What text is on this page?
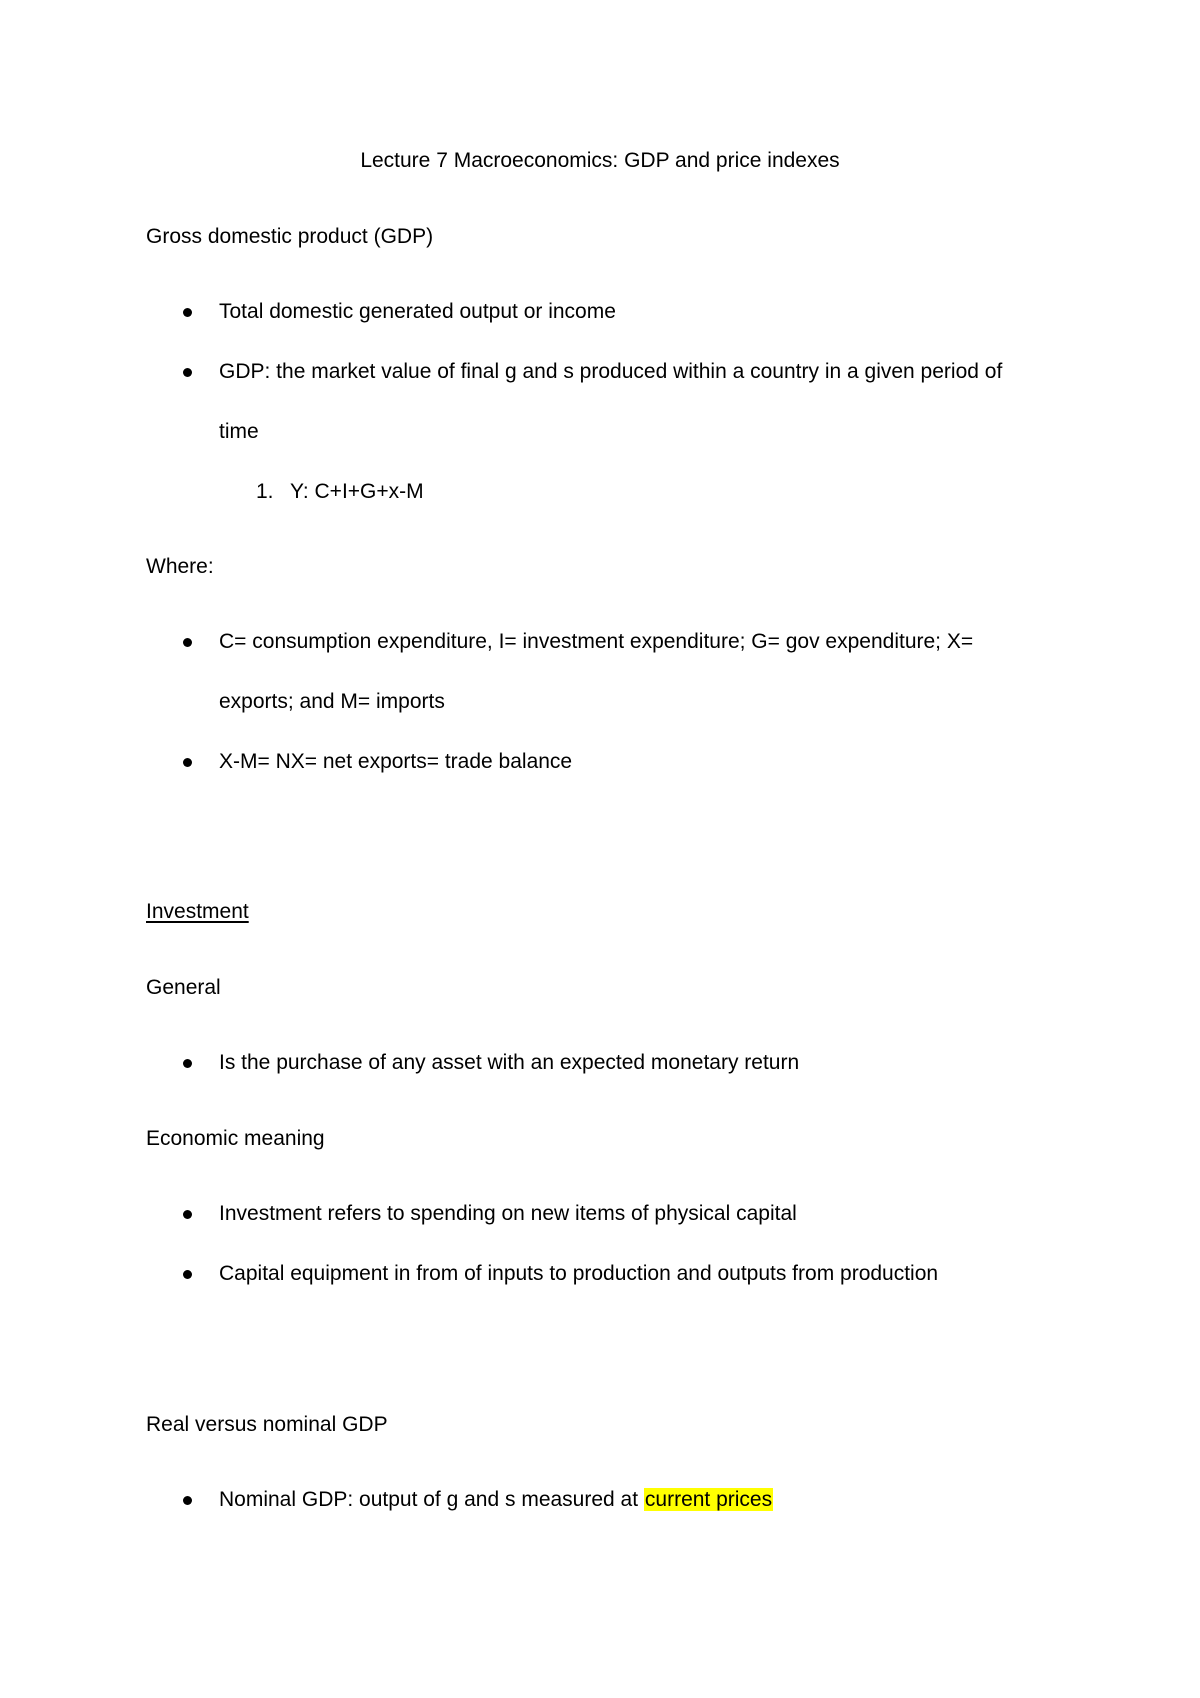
Lecture 7 Macroeconomics: GDP and price indexes
Gross domestic product (GDP)
Total domestic generated output or income
GDP: the market value of final g and s produced within a country in a given period of
time
1. Y: C+I+G+x-M
Where:
C= consumption expenditure, I= investment expenditure; G= gov expenditure; X=
exports; and M= imports
X-M= NX= net exports= trade balance
Investment
General
Is the purchase of any asset with an expected monetary return
Economic meaning
Investment refers to spending on new items of physical capital
Capital equipment in from of inputs to production and outputs from production
Real versus nominal GDP
Nominal GDP: output of g and s measured at current prices
